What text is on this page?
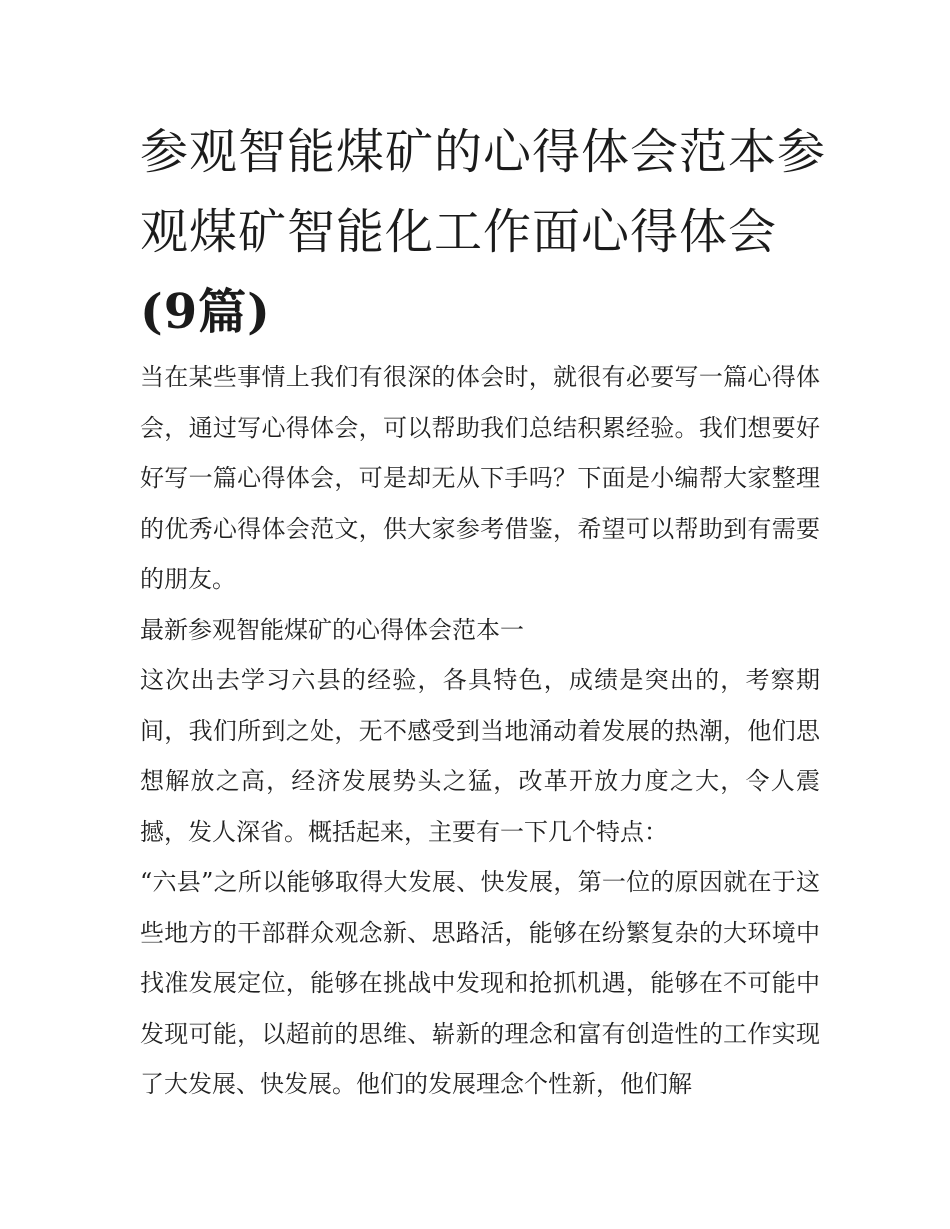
参观智能煤矿的心得体会范本参观煤矿智能化工作面心得体会(9篇)

当在某些事情上我们有很深的体会时，就很有必要写一篇心得体会，通过写心得体会，可以帮助我们总结积累经验。我们想要好好写一篇心得体会，可是却无从下手吗？下面是小编帮大家整理的优秀心得体会范文，供大家参考借鉴，希望可以帮助到有需要的朋友。

最新参观智能煤矿的心得体会范本一

这次出去学习六县的经验，各具特色，成绩是突出的，考察期间，我们所到之处，无不感受到当地涌动着发展的热潮，他们思想解放之高，经济发展势头之猛，改革开放力度之大，令人震撼，发人深省。概括起来，主要有一下几个特点：

“六县”之所以能够取得大发展、快发展，第一位的原因就在于这些地方的干部群众观念新、思路活，能够在纷繁复杂的大环境中找准发展定位，能够在挑战中发现和抢抓机遇，能够在不可能中发现可能，以超前的思维、崭新的理念和富有创造性的工作实现了大发展、快发展。他们的发展理念个性新，他们解
